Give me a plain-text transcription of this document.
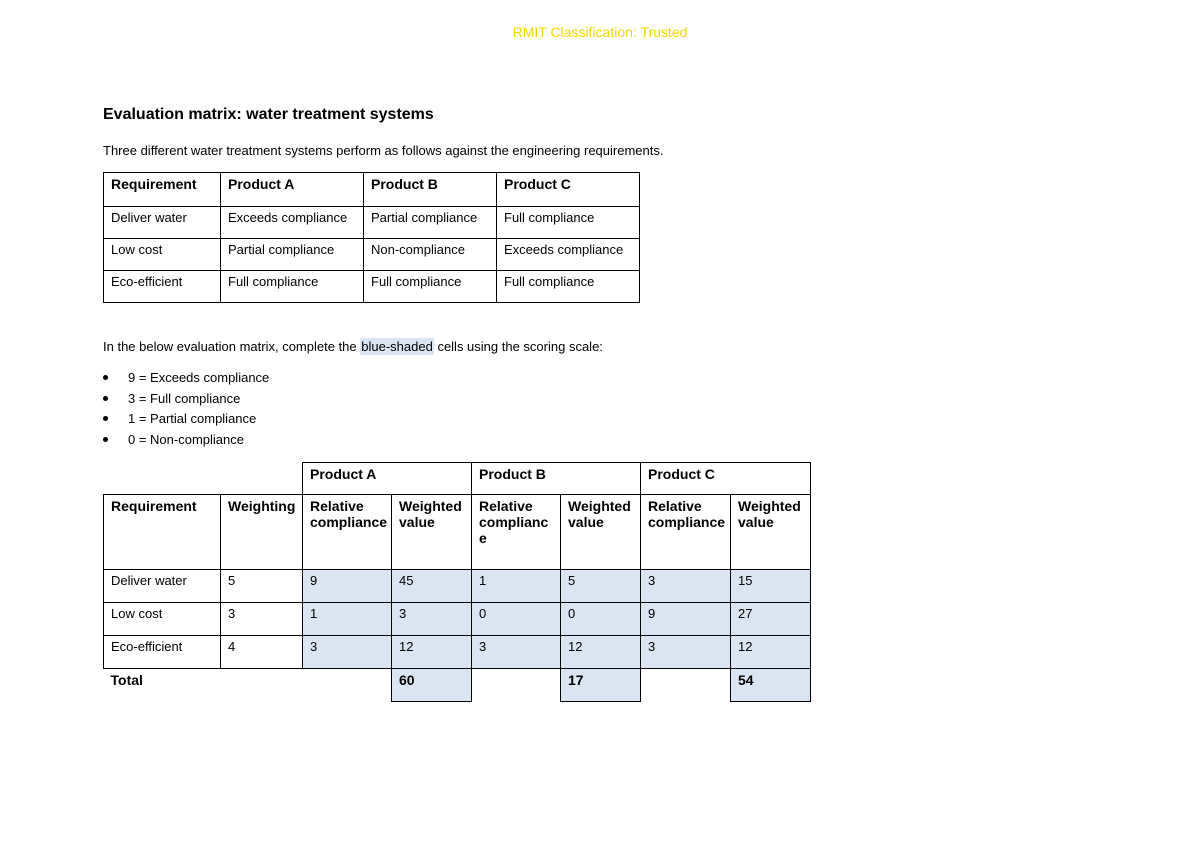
RMIT Classification: Trusted
Evaluation matrix: water treatment systems

Three different water treatment systems perform as follows against the engineering requirements.

Requirement	Product A	Product B	Product C
Deliver water	Exceeds compliance	Partial compliance	Full compliance
Low cost	Partial compliance	Non-compliance	Exceeds compliance
Eco-efficient	Full compliance	Full compliance	Full compliance

In the below evaluation matrix, complete the blue-shaded cells using the scoring scale:

9 = Exceeds compliance
3 = Full compliance
1 = Partial compliance
0 = Non-compliance
		Product A		Product B		Product C	
Requirement	Weighting	Relative compliance	Weighted value	Relative complianc e	Weighted value	Relative compliance	Weighted value
Deliver water	5	9	45	1	5	3	15
Low cost	3	1	3	0	0	9	27
Eco-efficient	4	3	12	3	12	3	12
Total			60		17		54
